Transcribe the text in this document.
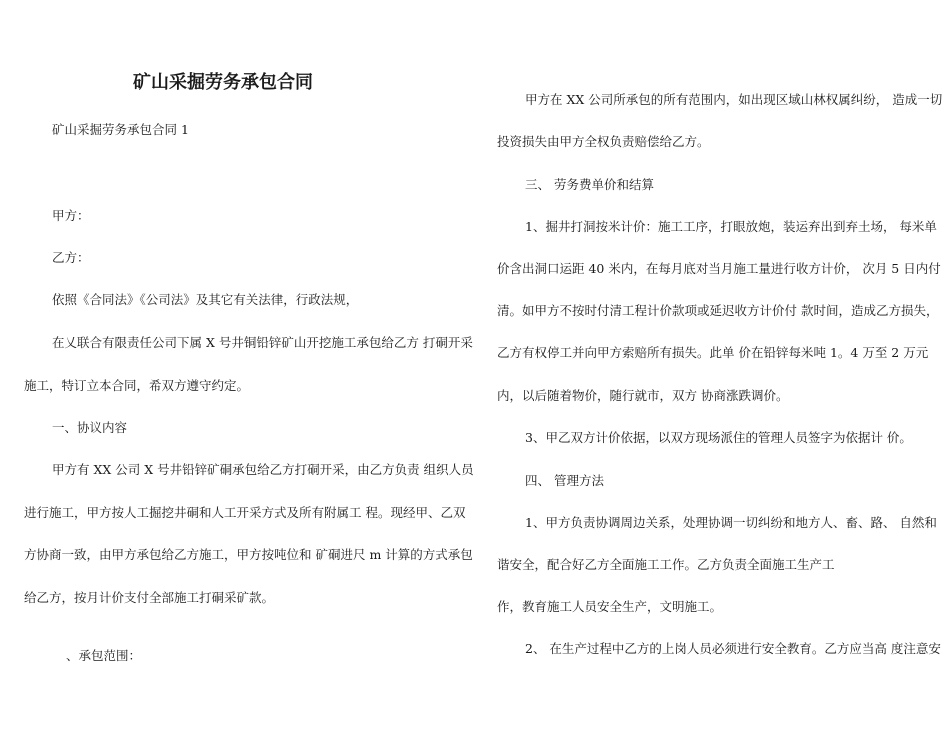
矿山采掘劳务承包合同
矿山采掘劳务承包合同 1
甲方：
乙方：
依照《合同法》《公司法》及其它有关法律，行政法规，
在乂联合有限责任公司下属 X 号井铜铅锌矿山开挖施工承包给乙方 打硐开采
施工，特订立本合同，希双方遵守约定。
一、协议内容
甲方有 XX 公司 X 号井铅锌矿硐承包给乙方打硐开采，由乙方负责 组织人员
进行施工，甲方按人工掘挖井硐和人工开采方式及所有附属工 程。现经甲、乙双
方协商一致，由甲方承包给乙方施工，甲方按吨位和 矿硐进尺 m 计算的方式承包
给乙方，按月计价支付全部施工打硐采矿款。
、承包范围：
甲方在 XX 公司所承包的所有范围内，如出现区域山林权属纠纷， 造成一切
投资损失由甲方全权负责赔偿给乙方。
三、 劳务费单价和结算
1、掘井打洞按米计价：施工工序，打眼放炮，装运弃出到弃土场， 每米单
价含出洞口运距 40 米内，在每月底对当月施工量进行收方计价， 次月 5 日内付
清。如甲方不按时付清工程计价款项或延迟收方计价付 款时间，造成乙方损失，
乙方有权停工并向甲方索赔所有损失。此单 价在铅锌每米吨 1。4 万至 2 万元
内，以后随着物价，随行就市，双方 协商涨跌调价。
3、甲乙双方计价依据，以双方现场派住的管理人员签字为依据计 价。
四、 管理方法
1、甲方负责协调周边关系，处理协调一切纠纷和地方人、畜、路、 自然和
谐安全，配合好乙方全面施工工作。乙方负责全面施工生产工
作，教育施工人员安全生产，文明施工。
2、 在生产过程中乙方的上岗人员必须进行安全教育。乙方应当高 度注意安
